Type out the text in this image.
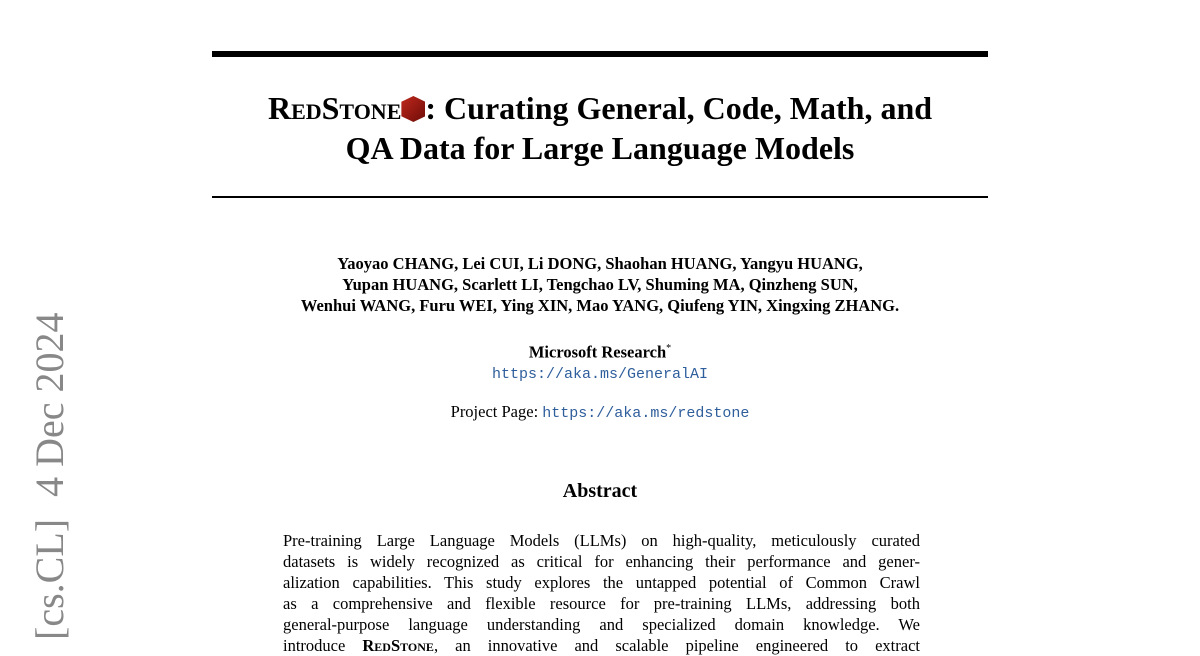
RedStone : Curating General, Code, Math, and
QA Data for Large Language Models
Yaoyao CHANG, Lei CUI, Li DONG, Shaohan HUANG, Yangyu HUANG,
Yupan HUANG, Scarlett LI, Tengchao LV, Shuming MA, Qinzheng SUN,
Wenhui WANG, Furu WEI, Ying XIN, Mao YANG, Qiufeng YIN, Xingxing ZHANG.
Microsoft Research*
https://aka.ms/GeneralAI
Project Page: https://aka.ms/redstone
Abstract
Pre-training Large Language Models (LLMs) on high-quality, meticulously curated
datasets is widely recognized as critical for enhancing their performance and gener-
alization capabilities. This study explores the untapped potential of Common Crawl
as a comprehensive and flexible resource for pre-training LLMs, addressing both
general-purpose language understanding and specialized domain knowledge. We
introduce RedStone, an innovative and scalable pipeline engineered to extract
[cs.CL]4 Dec 2024
